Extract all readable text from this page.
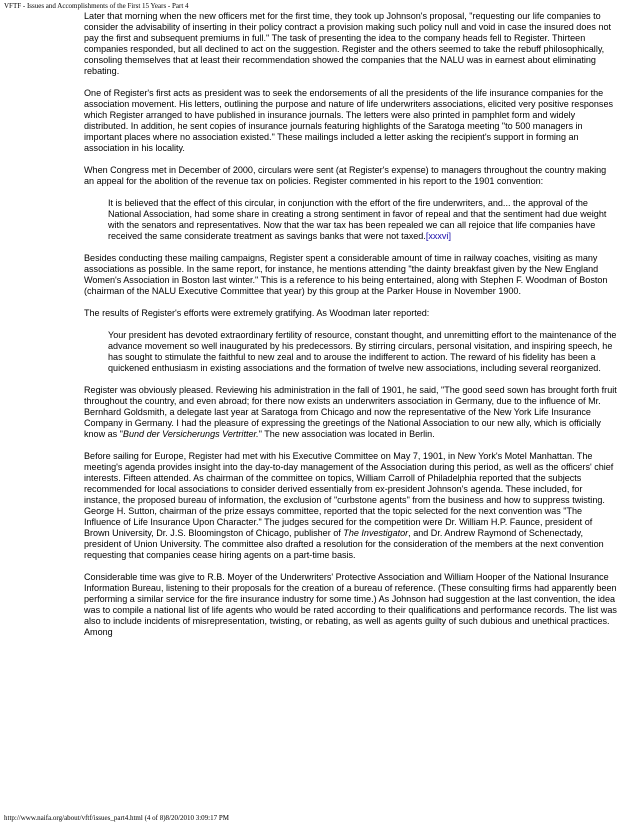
VFTF - Issues and Accomplishments of the First 15 Years - Part 4

Later that morning when the new officers met for the first time, they took up Johnson's proposal, "requesting our life companies to consider the advisability of inserting in their policy contract a provision making such policy null and void in case the insured does not pay the first and subsequent premiums in full." The task of presenting the idea to the company heads fell to Register. Thirteen companies responded, but all declined to act on the suggestion. Register and the others seemed to take the rebuff philosophically, consoling themselves that at least their recommendation showed the companies that the NALU was in earnest about eliminating rebating.

One of Register's first acts as president was to seek the endorsements of all the presidents of the life insurance companies for the association movement. His letters, outlining the purpose and nature of life underwriters associations, elicited very positive responses which Register arranged to have published in insurance journals. The letters were also printed in pamphlet form and widely distributed. In addition, he sent copies of insurance journals featuring highlights of the Saratoga meeting "to 500 managers in important places where no association existed." These mailings included a letter asking the recipient's support in forming an association in his locality.

When Congress met in December of 2000, circulars were sent (at Register's expense) to managers throughout the country making an appeal for the abolition of the revenue tax on policies. Register commented in his report to the 1901 convention:

It is believed that the effect of this circular, in conjunction with the effort of the fire underwriters, and... the approval of the National Association, had some share in creating a strong sentiment in favor of repeal and that the sentiment had due weight with the senators and representatives. Now that the war tax has been repealed we can all rejoice that life companies have received the same considerate treatment as savings banks that were not taxed.[xxxvi]

Besides conducting these mailing campaigns, Register spent a considerable amount of time in railway coaches, visiting as many associations as possible. In the same report, for instance, he mentions attending "the dainty breakfast given by the New England Women's Association in Boston last winter." This is a reference to his being entertained, along with Stephen F. Woodman of Boston (chairman of the NALU Executive Committee that year) by this group at the Parker House in November 1900.

The results of Register's efforts were extremely gratifying. As Woodman later reported:

Your president has devoted extraordinary fertility of resource, constant thought, and unremitting effort to the maintenance of the advance movement so well inaugurated by his predecessors. By stirring circulars, personal visitation, and inspiring speech, he has sought to stimulate the faithful to new zeal and to arouse the indifferent to action. The reward of his fidelity has been a quickened enthusiasm in existing associations and the formation of twelve new associations, including several reorganized.

Register was obviously pleased. Reviewing his administration in the fall of 1901, he said, "The good seed sown has brought forth fruit throughout the country, and even abroad; for there now exists an underwriters association in Germany, due to the influence of Mr. Bernhard Goldsmith, a delegate last year at Saratoga from Chicago and now the representative of the New York Life Insurance Company in Germany. I had the pleasure of expressing the greetings of the National Association to our new ally, which is officially know as "Bund der Versicherungs Vertritter." The new association was located in Berlin.

Before sailing for Europe, Register had met with his Executive Committee on May 7, 1901, in New York's Motel Manhattan. The meeting's agenda provides insight into the day-to-day management of the Association during this period, as well as the officers' chief interests. Fifteen attended. As chairman of the committee on topics, William Carroll of Philadelphia reported that the subjects recommended for local associations to consider derived essentially from ex-president Johnson's agenda. These included, for instance, the proposed bureau of information, the exclusion of "curbstone agents" from the business and how to suppress twisting. George H. Sutton, chairman of the prize essays committee, reported that the topic selected for the next convention was "The Influence of Life Insurance Upon Character." The judges secured for the competition were Dr. William H.P. Faunce, president of Brown University, Dr. J.S. Bloomingston of Chicago, publisher of The Investigator, and Dr. Andrew Raymond of Schenectady, president of Union University. The committee also drafted a resolution for the consideration of the members at the next convention requesting that companies cease hiring agents on a part-time basis.

Considerable time was give to R.B. Moyer of the Underwriters' Protective Association and William Hooper of the National Insurance Information Bureau, listening to their proposals for the creation of a bureau of reference. (These consulting firms had apparently been performing a similar service for the fire insurance industry for some time.) As Johnson had suggestion at the last convention, the idea was to compile a national list of life agents who would be rated according to their qualifications and performance records. The list was also to include incidents of misrepresentation, twisting, or rebating, as well as agents guilty of such dubious and unethical practices. Among

http://www.naifa.org/about/vftf/issues_part4.html (4 of 8)8/20/2010 3:09:17 PM
